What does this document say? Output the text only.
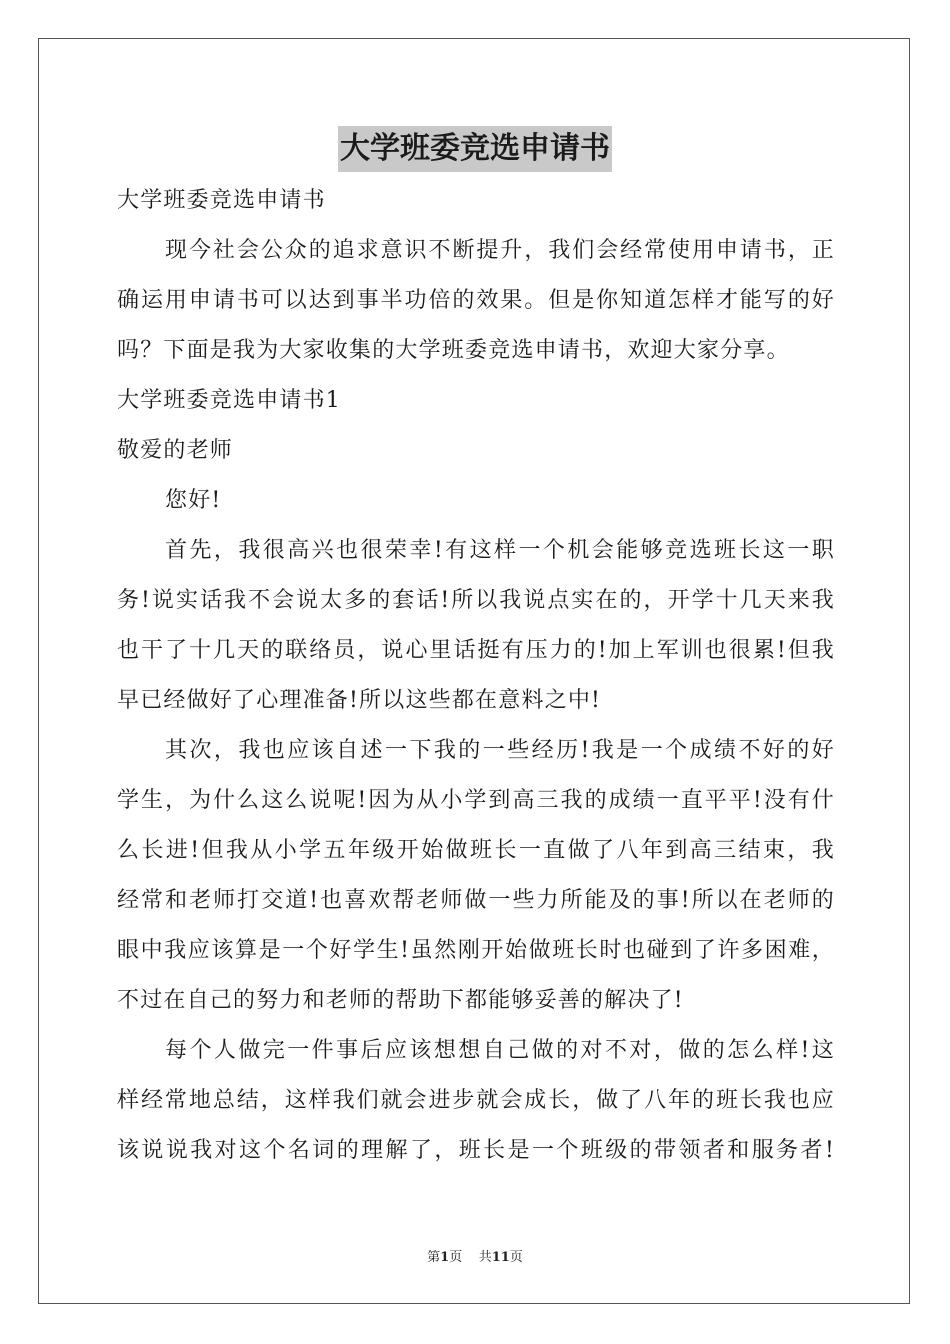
大学班委竞选申请书
大学班委竞选申请书
现今社会公众的追求意识不断提升，我们会经常使用申请书，正
确运用申请书可以达到事半功倍的效果。但是你知道怎样才能写的好
吗？下面是我为大家收集的大学班委竞选申请书，欢迎大家分享。
大学班委竞选申请书1
敬爱的老师
您好!
首先，我很高兴也很荣幸!有这样一个机会能够竞选班长这一职
务!说实话我不会说太多的套话!所以我说点实在的，开学十几天来我
也干了十几天的联络员，说心里话挺有压力的!加上军训也很累!但我
早已经做好了心理准备!所以这些都在意料之中!
其次，我也应该自述一下我的一些经历!我是一个成绩不好的好
学生，为什么这么说呢!因为从小学到高三我的成绩一直平平!没有什
么长进!但我从小学五年级开始做班长一直做了八年到高三结束，我
经常和老师打交道!也喜欢帮老师做一些力所能及的事!所以在老师的
眼中我应该算是一个好学生!虽然刚开始做班长时也碰到了许多困难，
不过在自己的努力和老师的帮助下都能够妥善的解决了!
每个人做完一件事后应该想想自己做的对不对，做的怎么样!这
样经常地总结，这样我们就会进步就会成长，做了八年的班长我也应
该说说我对这个名词的理解了，班长是一个班级的带领者和服务者!
第1页 共11页
